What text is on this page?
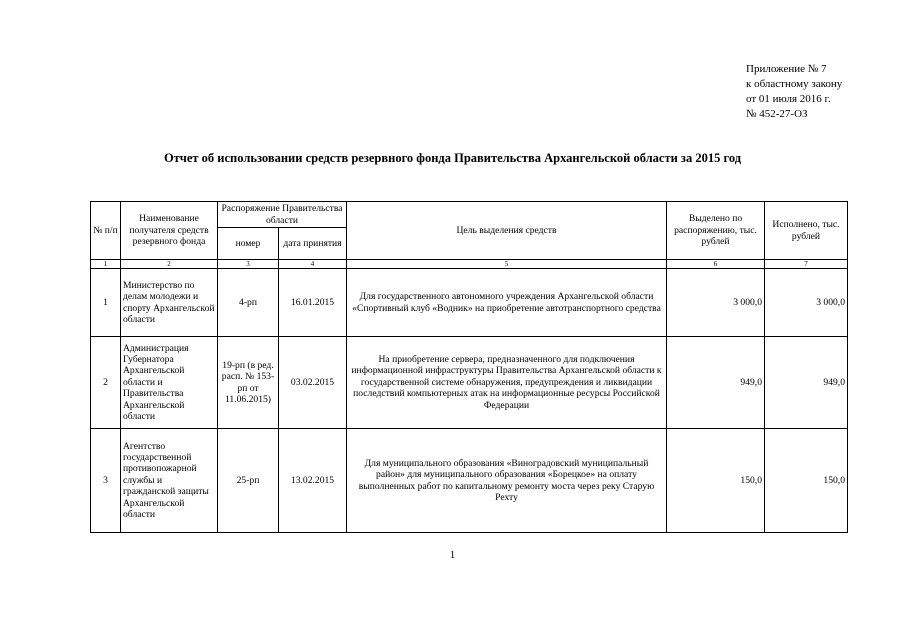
Приложение № 7
к областному закону
от 01 июля 2016 г.
№ 452-27-ОЗ
Отчет об использовании средств резервного фонда Правительства Архангельской области за 2015 год
№ п/п	Наименование получателя средств резервного фонда	Распоряжение Правительства области		Цель выделения средств	Выделено по распоряжению, тыс. рублей	Исполнено, тыс. рублей
		номер	дата принятия			
1	2	3	4	5	6	7
1	Министерство по делам молодежи и спорту Архангельской области	4-рп	16.01.2015	Для государственного автономного учреждения Архангельской области «Спортивный клуб «Водник» на приобретение автотранспортного средства	3 000,0	3 000,0
2	Администрация Губернатора Архангельской области и Правительства Архангельской области	19-рп (в ред. расп. № 153-рп от 11.06.2015)	03.02.2015	На приобретение сервера, предназначенного для подключения информационной инфраструктуры Правительства Архангельской области к государственной системе обнаружения, предупреждения и ликвидации последствий компьютерных атак на информационные ресурсы Российской Федерации	949,0	949,0
3	Агентство государственной противопожарной службы и гражданской защиты Архангельской области	25-рп	13.02.2015	Для муниципального образования «Виноградовский муниципальный район» для муниципального образования «Борецкое» на оплату выполненных работ по капитальному ремонту моста через реку Старую Рехту	150,0	150,0
1
